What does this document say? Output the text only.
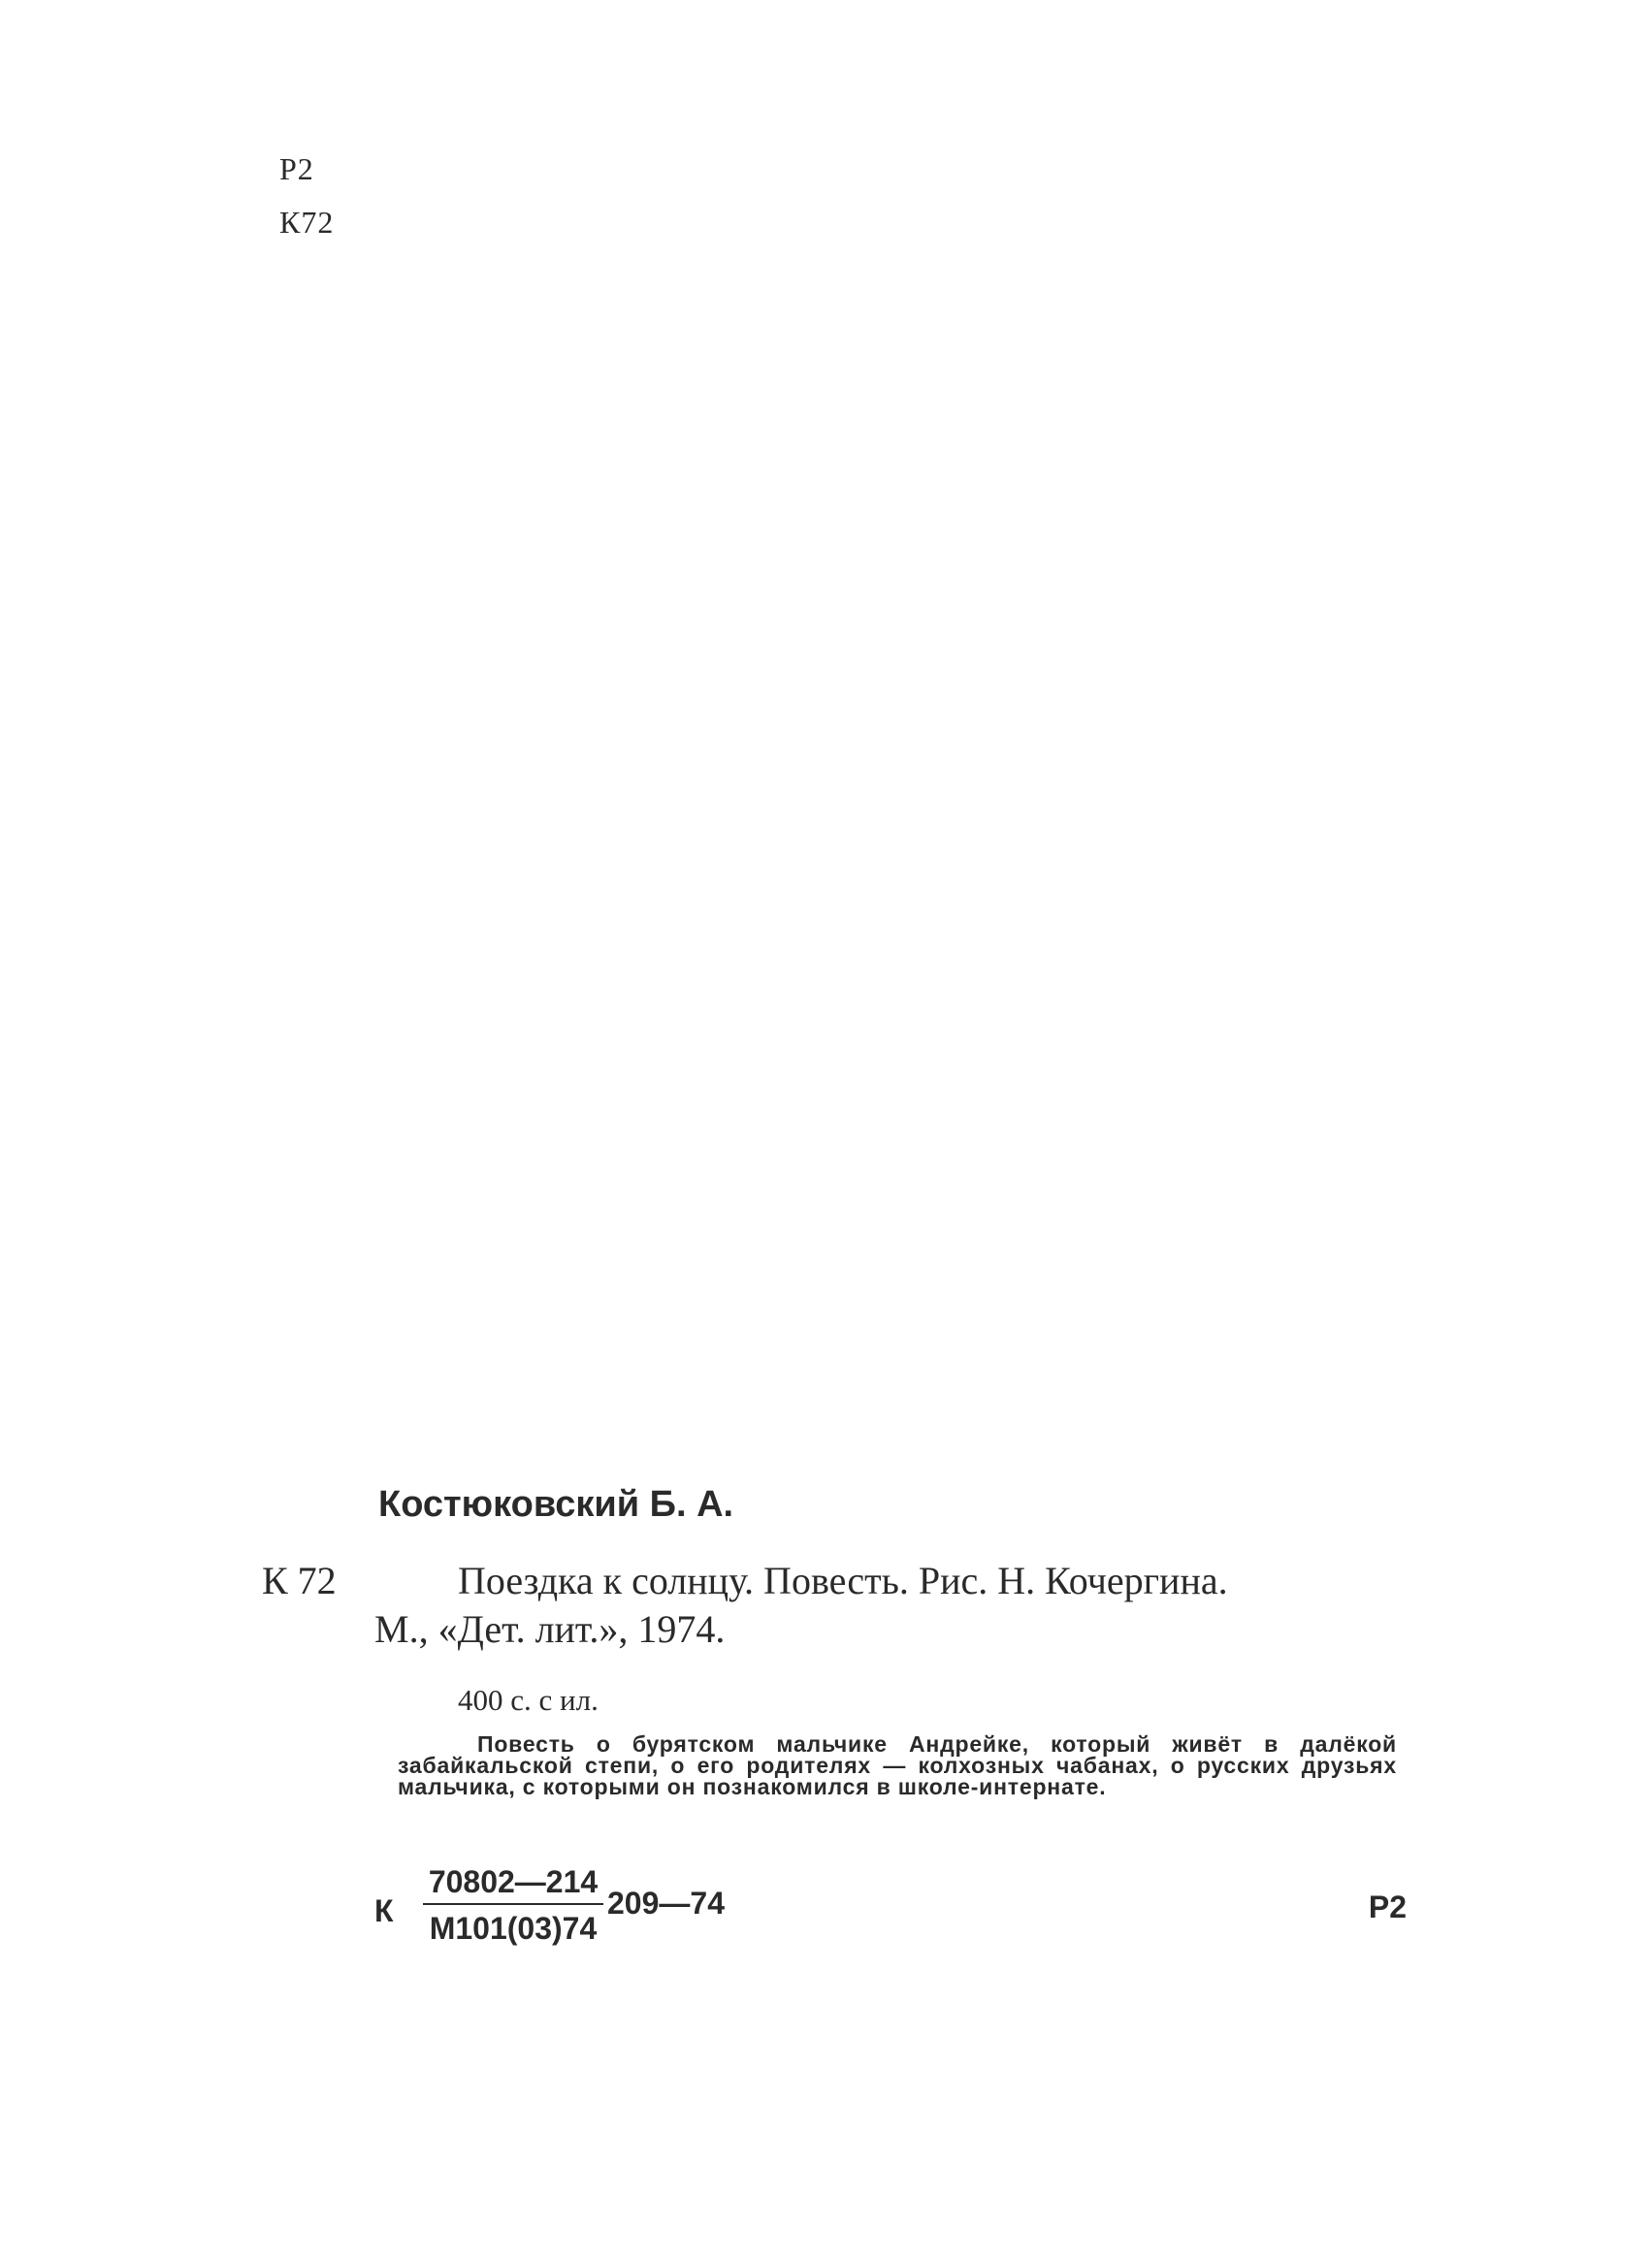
Р2
К72
Костюковский Б. А.
К 72	Поездка к солнцу. Повесть. Рис. Н. Кочергина.
М., «Дет. лит.», 1974.
400 с. с ил.
Повесть о бурятском мальчике Андрейке, который живёт в далёкой забайкальской степи, о его родителях — колхозных чабанах, о русских друзьях мальчика, с которыми он познакомился в школе-интернате.
К
70802—214
М101(03)74
209—74	Р2
